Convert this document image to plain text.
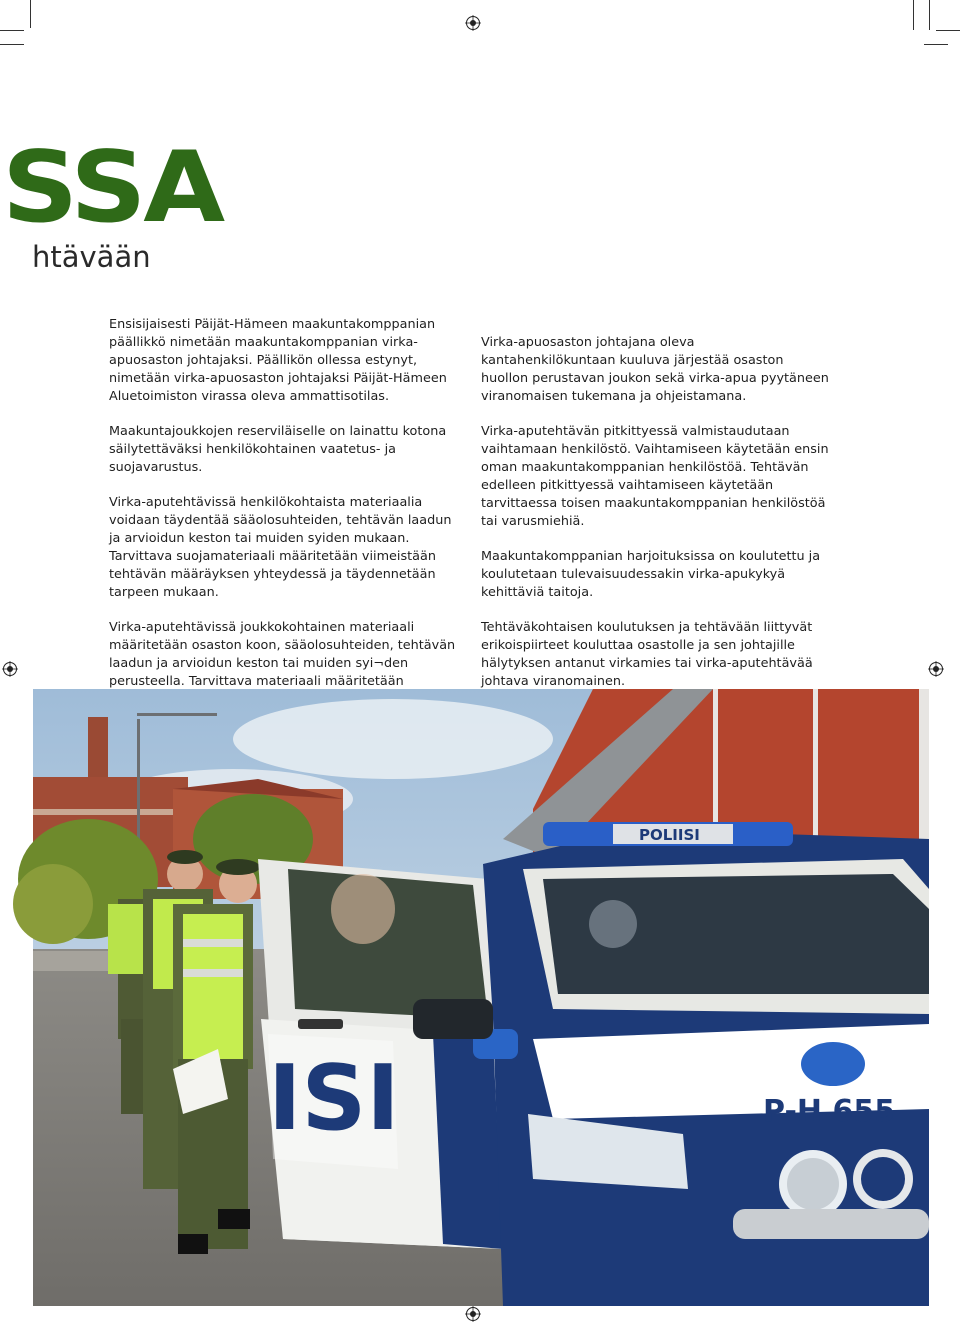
SSA
htävään

Ensisijaisesti Päijät-Hämeen maakuntakomppanian päällikkö nimetään maakuntakomppanian virka-apuosaston johtajaksi. Päällikön ollessa estynyt, nimetään virka-apuosaston johtajaksi Päijät-Hämeen Aluetoimiston virassa oleva ammattisotilas.

Maakuntajoukkojen reserviläiselle on lainattu kotona säilytettäväksi henkilökohtainen vaatetus- ja suojavarustus.

Virka-aputehtävissä henkilökohtaista materiaalia voidaan täydentää sääolosuhteiden, tehtävän laadun ja arvioidun keston tai muiden syiden mukaan. Tarvittava suojamateriaali määritetään viimeistään tehtävän määräyksen yhteydessä ja täydennetään tarpeen mukaan.

Virka-aputehtävissä joukkokohtainen materiaali määritetään osaston koon, sääolosuhteiden, tehtävän laadun ja arvioidun keston tai muiden syi¬den perusteella. Tarvittava materiaali määritetään

Virka-apuosaston johtajana oleva kantahenkilökuntaan kuuluva järjestää osaston huollon perustavan joukon sekä virka-apua pyytäneen viranomaisen tukemana ja ohjeistamana.

Virka-aputehtävän pitkittyessä valmistaudutaan vaihtamaan henkilöstö. Vaihtamiseen käytetään ensin oman maakuntakomppanian henkilöstöä. Tehtävän edelleen pitkittyessä vaihtamiseen käytetään tarvittaessa toisen maakuntakomppanian henkilöstöä tai varusmiehiä.

Maakuntakomppanian harjoituksissa on koulutettu ja koulutetaan tulevaisuudessakin virka-apukykyä kehittäviä taitoja.

Tehtäväkohtaisen koulutuksen ja tehtävään liittyvät erikoispiirteet kouluttaa osastolle ja sen johtajille hälytyksen antanut virkamies tai virka-aputehtävää johtava viranomainen.

ISI
POLIISI
P-H 655
